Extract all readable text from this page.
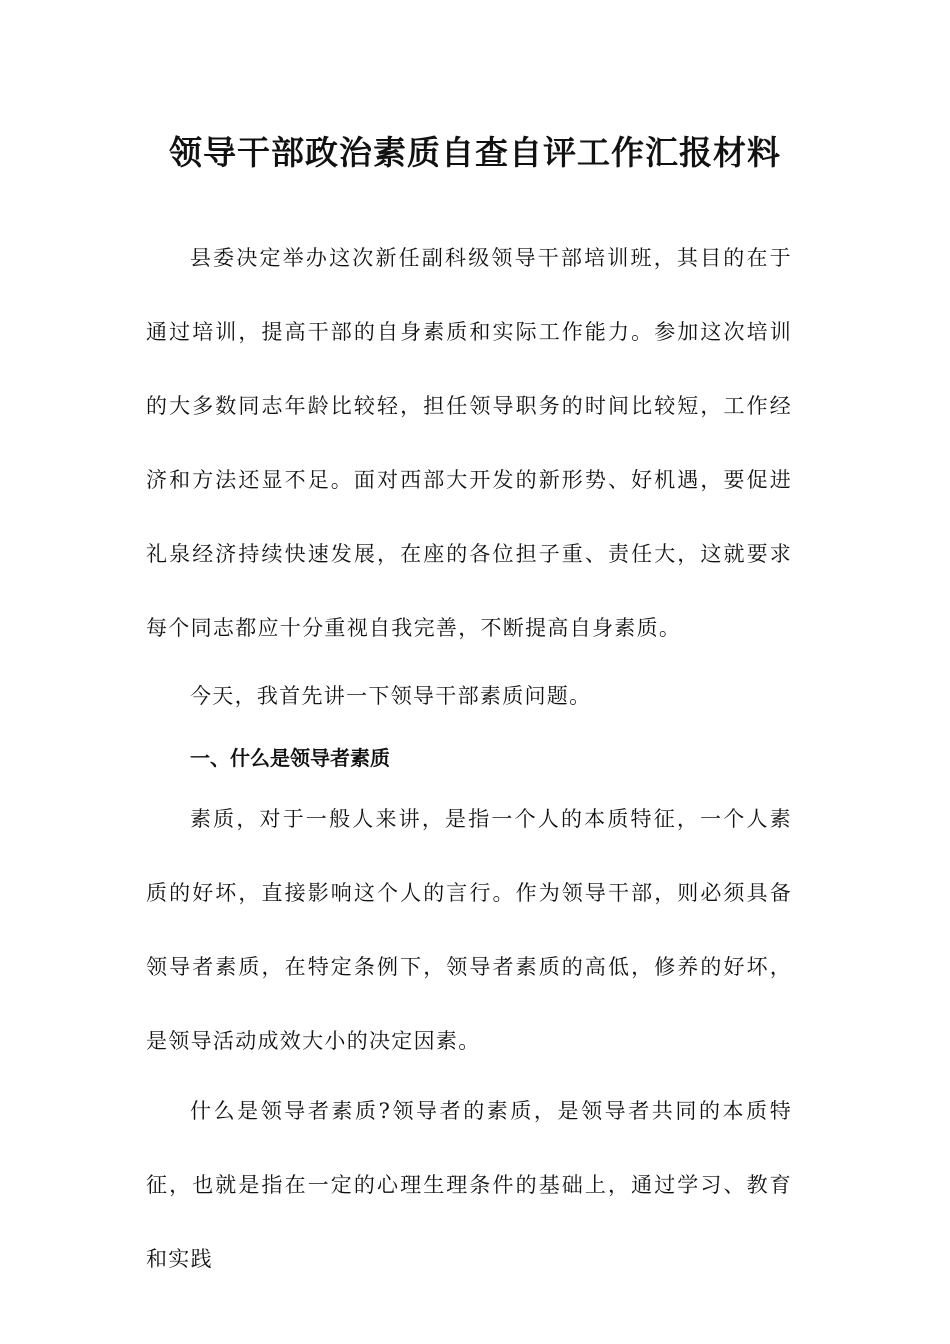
领导干部政治素质自查自评工作汇报材料

县委决定举办这次新任副科级领导干部培训班，其目的在于通过培训，提高干部的自身素质和实际工作能力。参加这次培训的大多数同志年龄比较轻，担任领导职务的时间比较短，工作经济和方法还显不足。面对西部大开发的新形势、好机遇，要促进礼泉经济持续快速发展，在座的各位担子重、责任大，这就要求每个同志都应十分重视自我完善，不断提高自身素质。

今天，我首先讲一下领导干部素质问题。

一、什么是领导者素质

素质，对于一般人来讲，是指一个人的本质特征，一个人素质的好坏，直接影响这个人的言行。作为领导干部，则必须具备领导者素质，在特定条例下，领导者素质的高低，修养的好坏，是领导活动成效大小的决定因素。

什么是领导者素质?领导者的素质，是领导者共同的本质特征，也就是指在一定的心理生理条件的基础上，通过学习、教育和实践
